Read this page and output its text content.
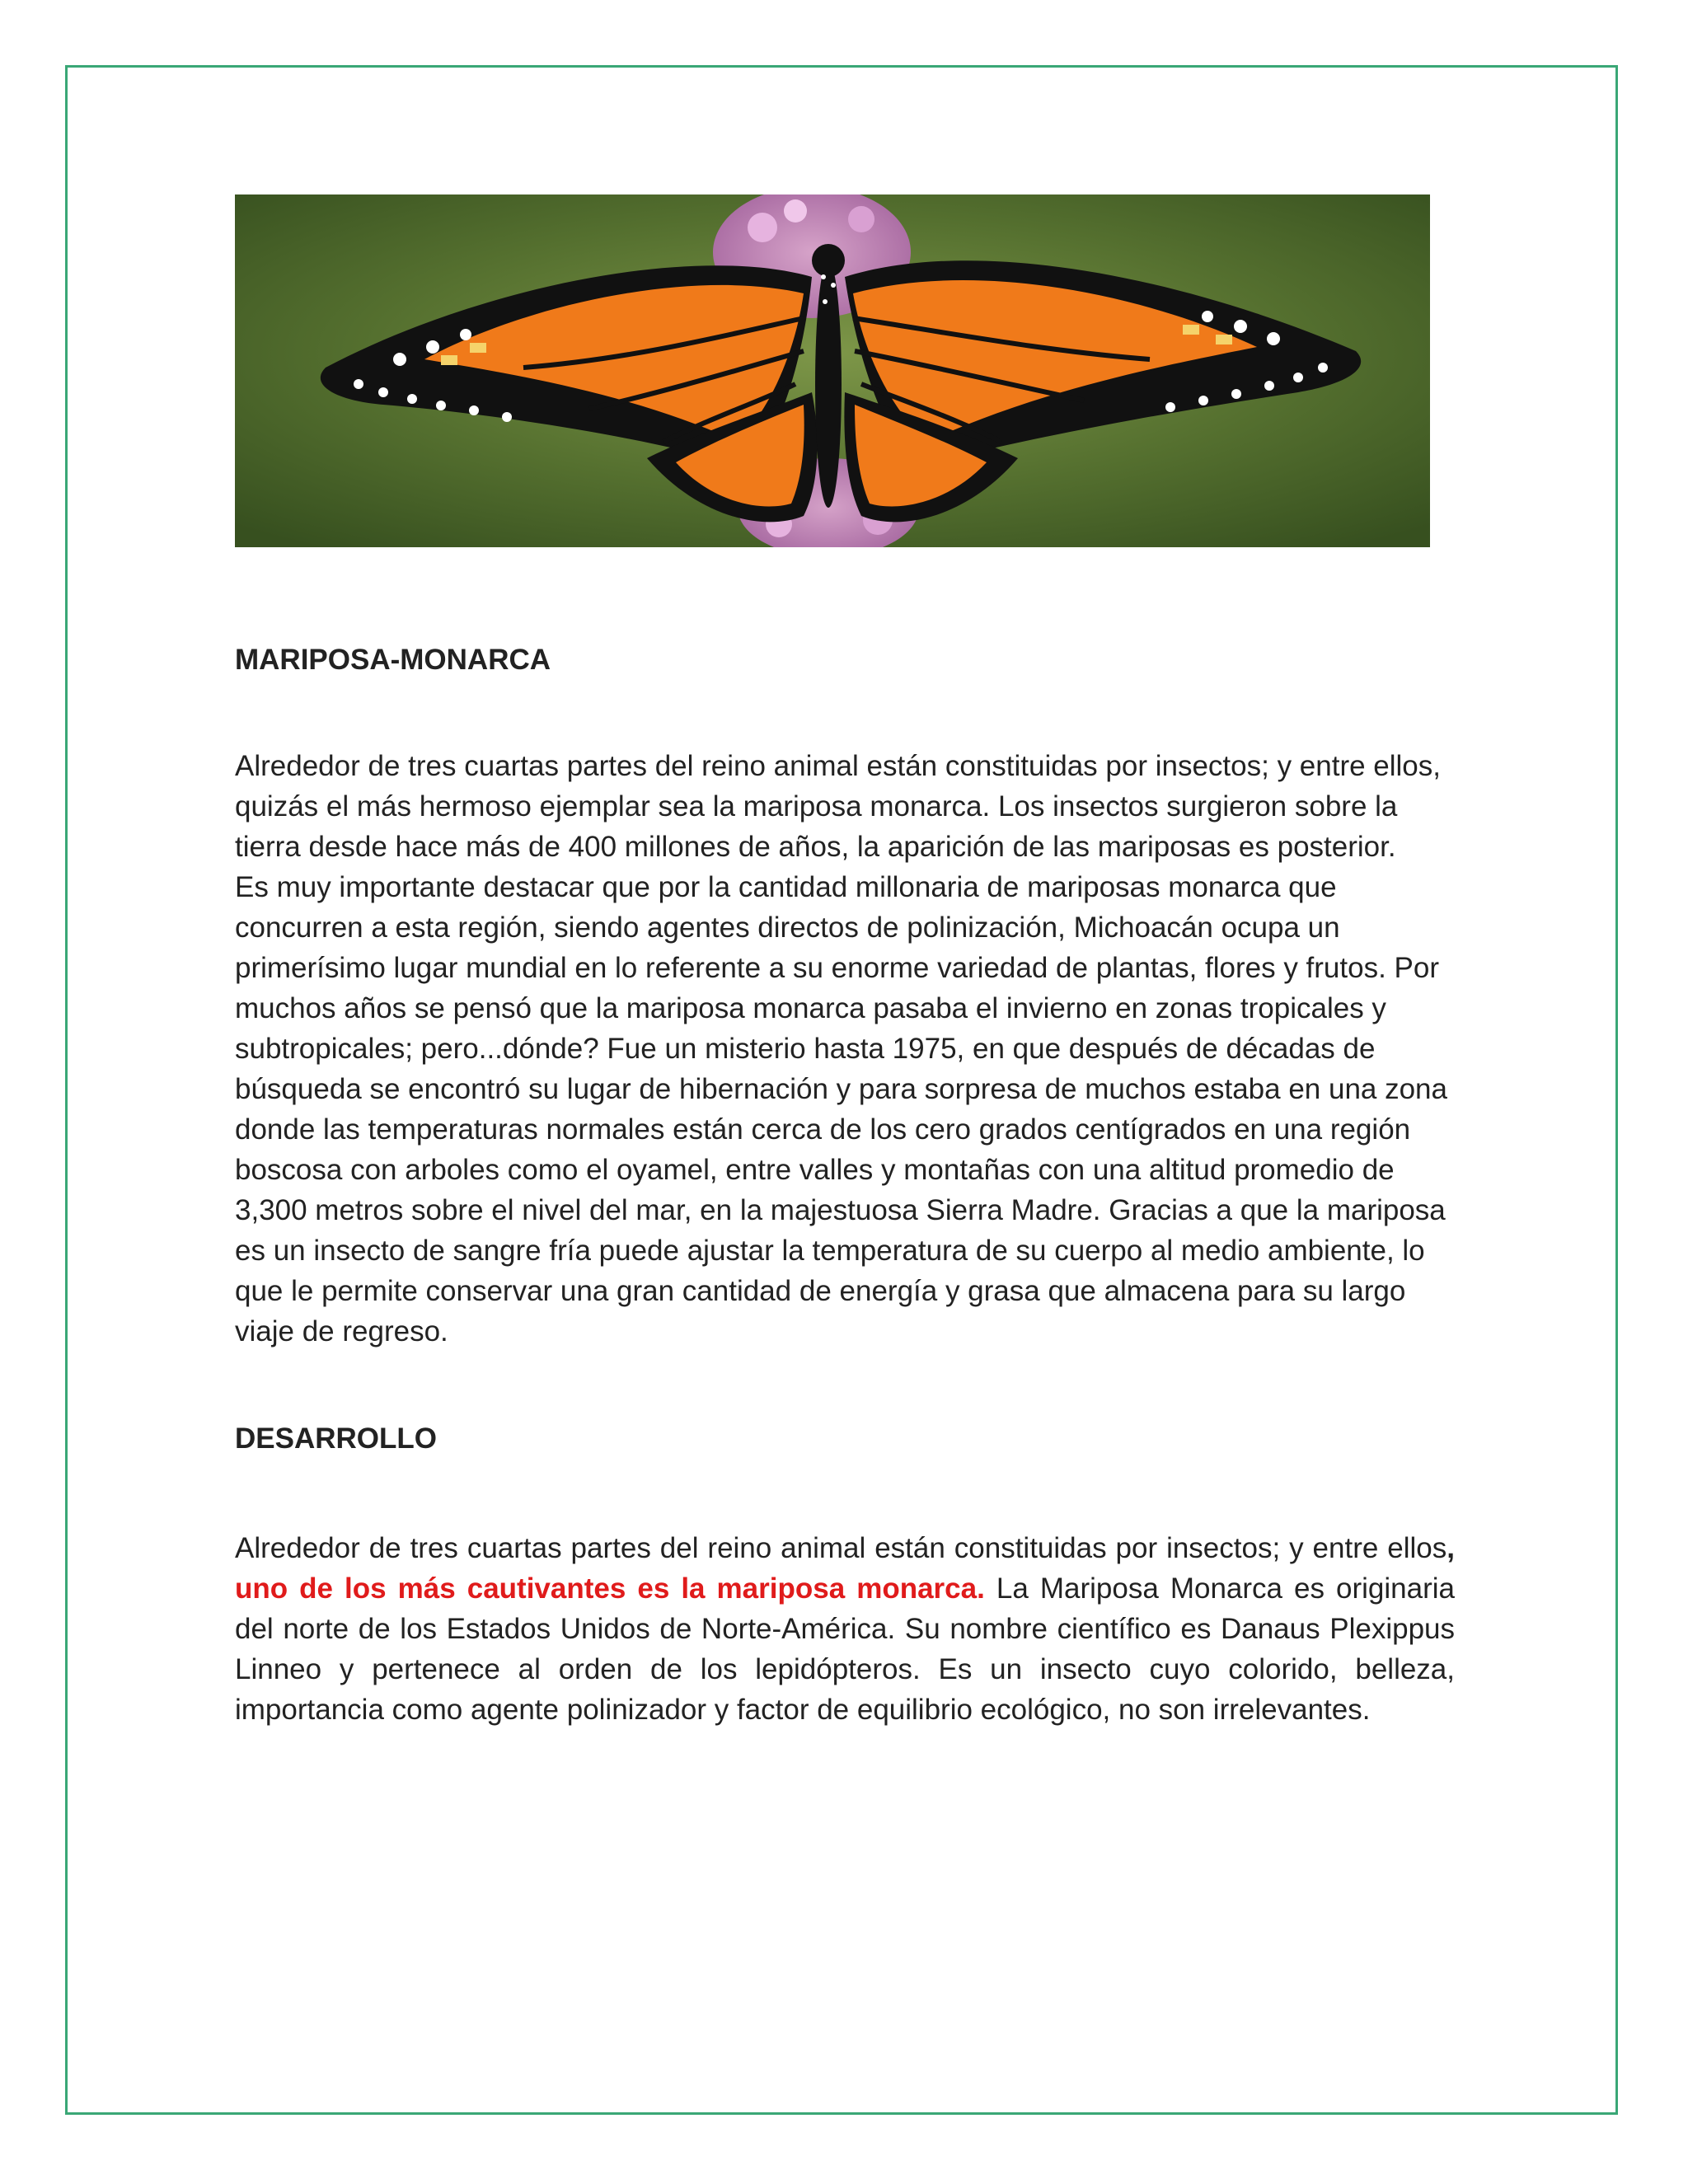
MARIPOSA-MONARCA

Alrededor de tres cuartas partes del reino animal están constituidas por insectos; y entre ellos, quizás el más hermoso ejemplar sea la mariposa monarca. Los insectos surgieron sobre la tierra desde hace más de 400 millones de años, la aparición de las mariposas es posterior.

Es muy importante destacar que por la cantidad millonaria de mariposas monarca que concurren a esta región, siendo agentes directos de polinización, Michoacán ocupa un primerísimo lugar mundial en lo referente a su enorme variedad de plantas, flores y frutos. Por muchos años se pensó que la mariposa monarca pasaba el invierno en zonas tropicales y subtropicales; pero...dónde? Fue un misterio hasta 1975, en que después de décadas de búsqueda se encontró su lugar de hibernación y para sorpresa de muchos estaba en una zona donde las temperaturas normales están cerca de los cero grados centígrados en una región boscosa con arboles como el oyamel, entre valles y montañas con una altitud promedio de 3,300 metros sobre el nivel del mar, en la majestuosa Sierra Madre. Gracias a que la mariposa es un insecto de sangre fría puede ajustar la temperatura de su cuerpo al medio ambiente, lo que le permite conservar una gran cantidad de energía y grasa que almacena para su largo viaje de regreso.

DESARROLLO

Alrededor de tres cuartas partes del reino animal están constituidas por insectos; y entre ellos, uno de los más cautivantes es la mariposa monarca. La Mariposa Monarca es originaria del norte de los Estados Unidos de Norte-América. Su nombre científico es Danaus Plexippus Linneo y pertenece al orden de los lepidópteros. Es un insecto cuyo colorido, belleza, importancia como agente polinizador y factor de equilibrio ecológico, no son irrelevantes.
